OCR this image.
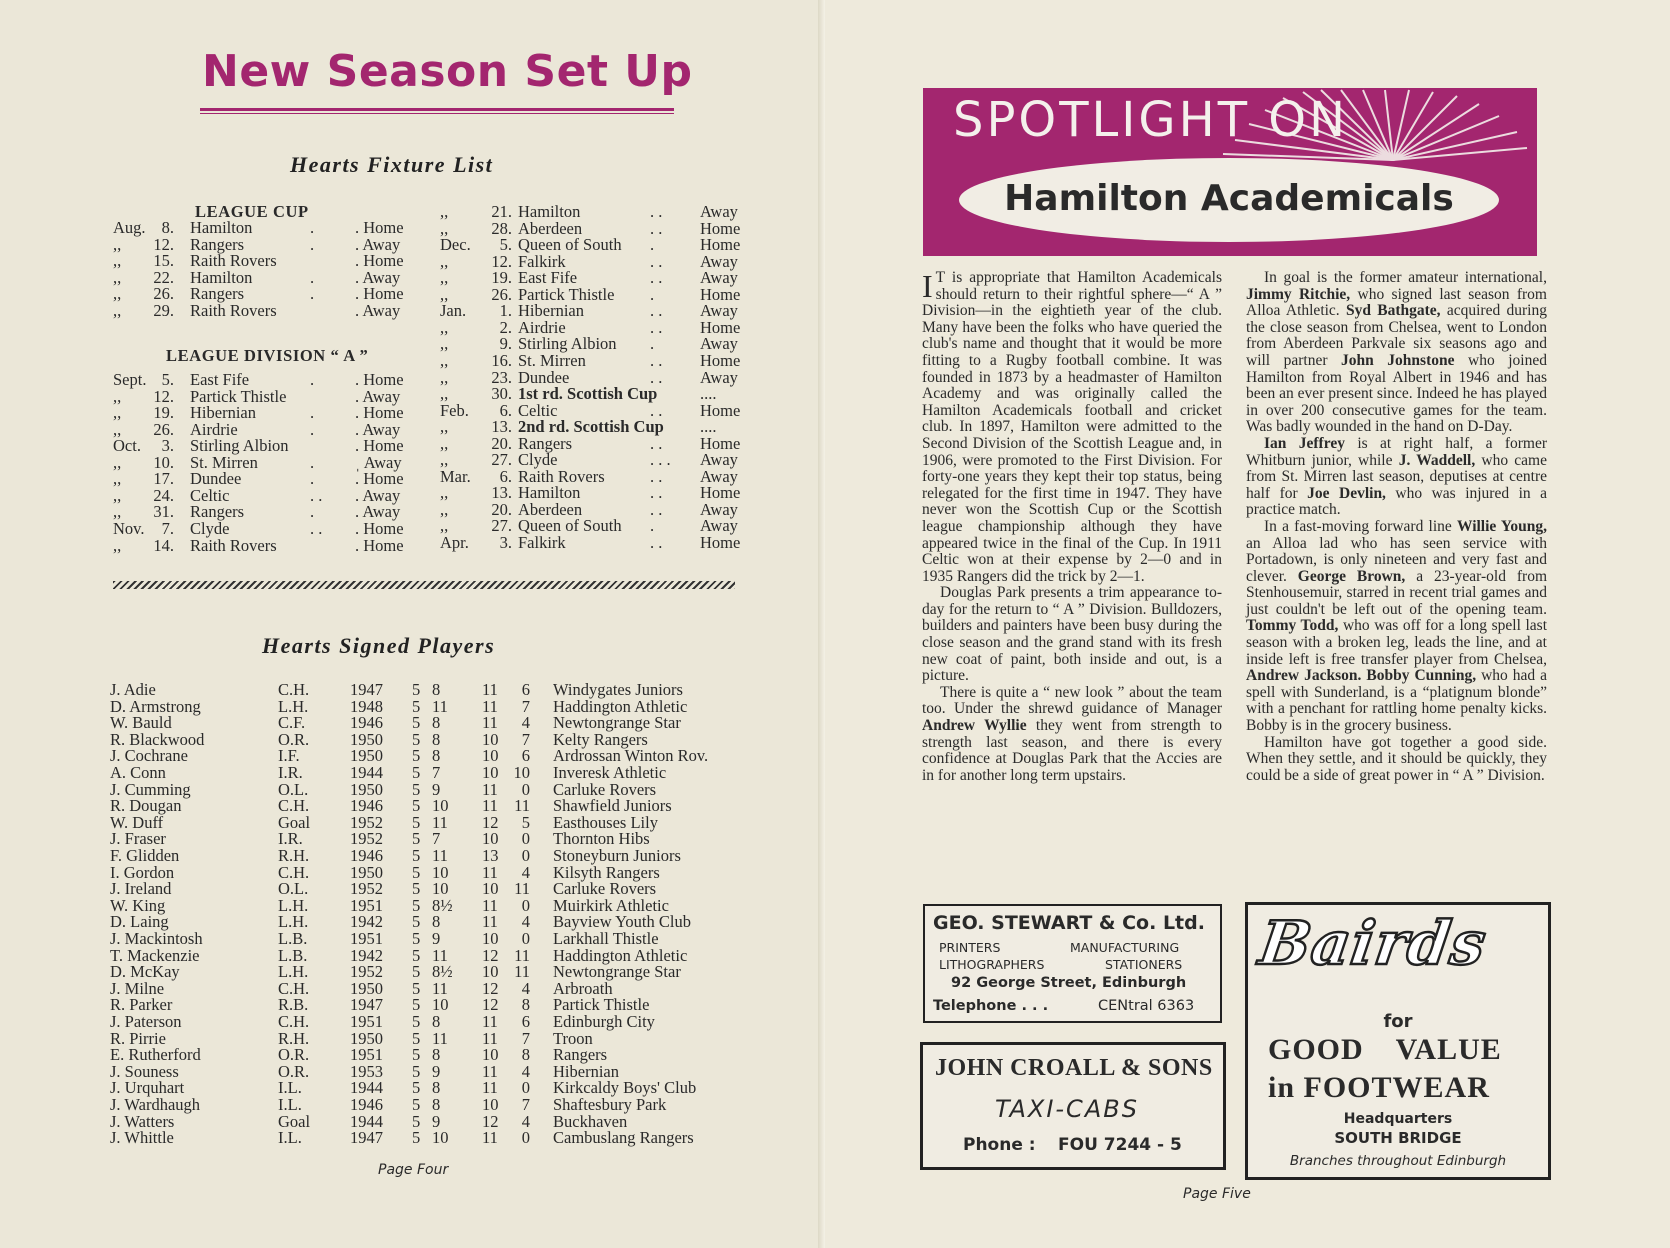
New Season Set Up
Hearts Fixture List
LEAGUE CUP
LEAGUE DIVISION “ A ”
Aug. 8. Hamilton	. . Home
,, 12. Rangers	. . Away
,, 15. Raith Rovers	. Home
,, 22. Hamilton	. . Away
,, 26. Rangers	. . Home
,, 29. Raith Rovers	. Away
Sept. 5. East Fife	. . Home
,, 12. Partick Thistle	. Away
,, 19. Hibernian	. . Home
,, 26. Airdrie	. . Away
Oct.	3. Stirling Albion	. Home
,, 10. St. Mirren	. ˌ Away
,, 17. Dundee	. . Home
,, 24. Celtic	. . . Away
,, 31. Rangers	. . Away
Nov.	7. Clyde	. . . Home
,, 14. Raith Rovers	. Home
,,	21. Hamilton	. . Away
,,	28. Aberdeen	. . Home
Dec.	5. Queen of South .	Home
,,	12. Falkirk	. . Away
,,	19. East Fife	. . Away
,,	26. Partick Thistle .	Home
Jan.	1. Hibernian	. . Away
,,	2. Airdrie	. . Home
,,	9. Stirling Albion .	Away
,,	16. St. Mirren	. . Home
,,	23. Dundee	. . Away
,,	30. 1st rd. Scottish Cup	....
Feb.	6. Celtic	. . Home
,,	13. 2nd rd. Scottish Cup ....
,,	20. Rangers	. . Home
,,	27. Clyde	. . . Away
Mar.	6. Raith Rovers	. . Away
,,	13. Hamilton	. . Home
,,	20. Aberdeen	. . Away
,,	27. Queen of South .	Away
Apr.	3. Falkirk	. . Home
Hearts Signed Players
J. Adie	C.H. 1947 5 8	11	6 Windygates Juniors
D. Armstrong	L.H.	1948 5 11 11	7 Haddington Athletic
W. Bauld	C.F.	1946 5 8	11	4 Newtongrange Star
R. Blackwood	O.R. 1950 5 8	10	7 Kelty Rangers
J. Cochrane	I.F.	1950 5 8	10	6 Ardrossan Winton Rov.
A. Conn	I.R.	1944 5 7	10 10 Inveresk Athletic
J. Cumming	O.L.	1950 5 9	11	0 Carluke Rovers
R. Dougan	C.H. 1946 5 10 11 11 Shawfield Juniors
W. Duff	Goal 1952 5 11 12	5 Easthouses Lily
J. Fraser	I.R.	1952 5 7	10	0 Thornton Hibs
F. Glidden	R.H. 1946 5 11 13	0 Stoneyburn Juniors
I. Gordon	C.H. 1950 5 10 11	4 Kilsyth Rangers
J. Ireland	O.L.	1952 5 10 10 11 Carluke Rovers
W. King	L.H.	1951 5 8½ 11	0 Muirkirk Athletic
D. Laing	L.H.	1942 5 8	11	4 Bayview Youth Club
J. Mackintosh	L.B.	1951 5 9	10	0 Larkhall Thistle
T. Mackenzie	L.B.	1942 5 11 12 11 Haddington Athletic
D. McKay	L.H.	1952 5 8½ 10 11 Newtongrange Star
J. Milne	C.H. 1950 5 11 12	4 Arbroath
R. Parker	R.B.	1947 5 10 12	8 Partick Thistle
J. Paterson	C.H. 1951 5 8	11	6 Edinburgh City
R. Pirrie	R.H. 1950 5 11 11	7 Troon
E. Rutherford	O.R. 1951 5 8	10	8 Rangers
J. Souness	O.R. 1953 5 9	11	4 Hibernian
J. Urquhart	I.L.	1944 5 8	11	0 Kirkcaldy Boys' Club
J. Wardhaugh	I.L.	1946 5 8	10	7 Shaftesbury Park
J. Watters	Goal 1944 5 9	12	4 Buckhaven
J. Whittle	I.L.	1947 5 10 11	0 Cambuslang Rangers
Page Four
SPOTLIGHT ON
Hamilton Academicals

I T is appropriate that Hamilton Academicals should return to their rightful sphere—“ A ” Division—in the eightieth year of the club. Many have been the folks who have queried the club's name and thought that it would be more fitting to a Rugby football combine. It was founded in 1873 by a headmaster of Hamilton Academy and was originally called the Hamilton Academicals football and cricket club. In 1897, Hamilton were admitted to the Second Division of the Scottish League and, in 1906, were promoted to the First Division. For forty-one years they kept their top status, being relegated for the first time in 1947. They have never won the Scottish Cup or the Scottish league championship although they have appeared twice in the final of the Cup. In 1911 Celtic won at their expense by 2—0 and in 1935 Rangers did the trick by 2—1.

Douglas Park presents a trim appearance to-day for the return to “ A ” Division. Bulldozers, builders and painters have been busy during the close season and the grand stand with its fresh new coat of paint, both inside and out, is a picture.

There is quite a “ new look ” about the team too. Under the shrewd guidance of Manager Andrew Wyllie they went from strength to strength last season, and there is every confidence at Douglas Park that the Accies are in for another long term upstairs.

In goal is the former amateur international, Jimmy Ritchie, who signed last season from Alloa Athletic. Syd Bathgate, acquired during the close season from Chelsea, went to London from Aberdeen Parkvale six seasons ago and will partner John Johnstone who joined Hamilton from Royal Albert in 1946 and has been an ever present since. Indeed he has played in over 200 consecutive games for the team. Was badly wounded in the hand on D-Day.

Ian Jeffrey is at right half, a former Whitburn junior, while J. Waddell, who came from St. Mirren last season, deputises at centre half for Joe Devlin, who was injured in a practice match.

In a fast-moving forward line Willie Young, an Alloa lad who has seen service with Portadown, is only nineteen and very fast and clever. George Brown, a 23-year-old from Stenhousemuir, starred in recent trial games and just couldn't be left out of the opening team. Tommy Todd, who was off for a long spell last season with a broken leg, leads the line, and at inside left is free transfer player from Chelsea, Andrew Jackson. Bobby Cunning, who had a spell with Sunderland, is a “platignum blonde” with a penchant for rattling home penalty kicks. Bobby is in the grocery business.

Hamilton have got together a good side. When they settle, and it should be quickly, they could be a side of great power in “ A ” Division.

GEO. STEWART & Co. Ltd.
PRINTERS	MANUFACTURING
LITHOGRAPHERS	STATIONERS
92 George Street, Edinburgh
Telephone . . .	CENtral 6363
JOHN CROALL & SONS
TAXI-CABS
Phone : FOU 7244 - 5
Bairds
for
GOOD VALUE
in FOOTWEAR
Headquarters
SOUTH BRIDGE
Branches throughout Edinburgh
Page Five
